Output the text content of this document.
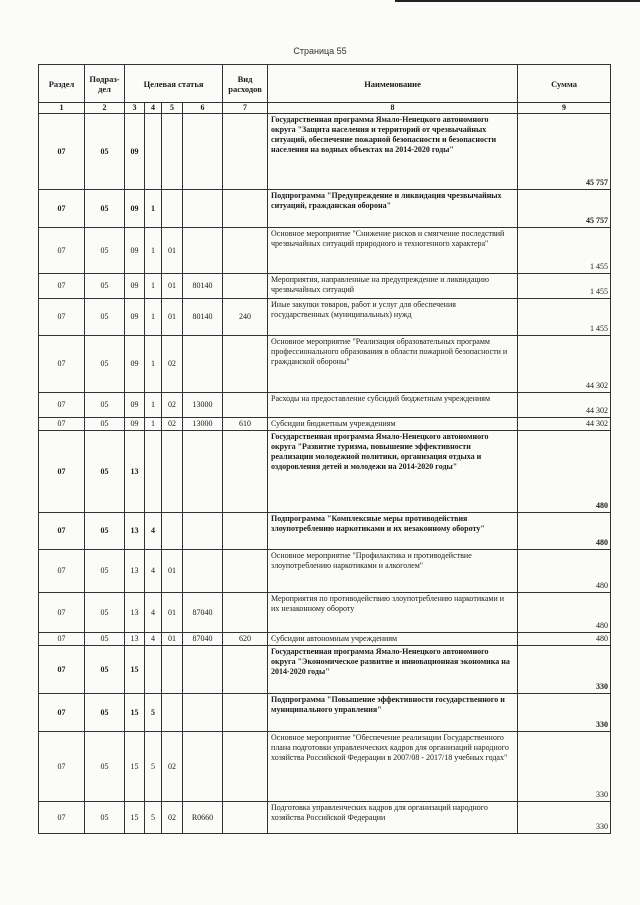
Страница 55
Раздел	Подраз-дел	Целевая статья				Вид расходов	Наименование	Сумма
1	2	3	4	5	6	7	8	9
07	05	09					Государственная программа Ямало-Ненецкого автономного округа "Защита населения и территорий от чрезвычайных ситуаций, обеспечение пожарной безопасности и безопасности населения на водных объектах на 2014-2020 годы"	45 757
07	05	09	1				Подпрограмма "Предупреждение и ликвидация чрезвычайных ситуаций, гражданская оборона"	45 757
07	05	09	1	01			Основное мероприятие "Снижение рисков и смягчение последствий чрезвычайных ситуаций природного и техногенного характера"	1 455
07	05	09	1	01	80140		Мероприятия, направленные на предупреждение и ликвидацию чрезвычайных ситуаций	1 455
07	05	09	1	01	80140	240	Иные закупки товаров, работ и услуг для обеспечения государственных (муниципальных) нужд	1 455
07	05	09	1	02			Основное мероприятие "Реализация образовательных программ профессионального образования в области пожарной безопасности и гражданской обороны"	44 302
07	05	09	1	02	13000		Расходы на предоставление субсидий бюджетным учреждениям	44 302
07	05	09	1	02	13000	610	Субсидии бюджетным учреждениям	44 302
07	05	13					Государственная программа Ямало-Ненецкого автономного округа "Развитие туризма, повышение эффективности реализации молодежной политики, организация отдыха и оздоровления детей и молодежи на 2014-2020 годы"	480
07	05	13	4				Подпрограмма "Комплексные меры противодействия злоупотреблению наркотиками и их незаконному обороту"	480
07	05	13	4	01			Основное мероприятие "Профилактика и противодействие злоупотреблению наркотиками и алкоголем"	480
07	05	13	4	01	87040		Мероприятия по противодействию злоупотреблению наркотиками и их незаконному обороту	480
07	05	13	4	01	87040	620	Субсидии автономным учреждениям	480
07	05	15					Государственная программа Ямало-Ненецкого автономного округа "Экономическое развитие и инновационная экономика на 2014-2020 годы"	330
07	05	15	5				Подпрограмма "Повышение эффективности государственного и муниципального управления"	330
07	05	15	5	02			Основное мероприятие "Обеспечение реализации Государственного плана подготовки управленческих кадров для организаций народного хозяйства Российской Федерации в 2007/08 - 2017/18 учебных годах"	330
07	05	15	5	02	R0660		Подготовка управленческих кадров для организаций народного хозяйства Российской Федерации	330
